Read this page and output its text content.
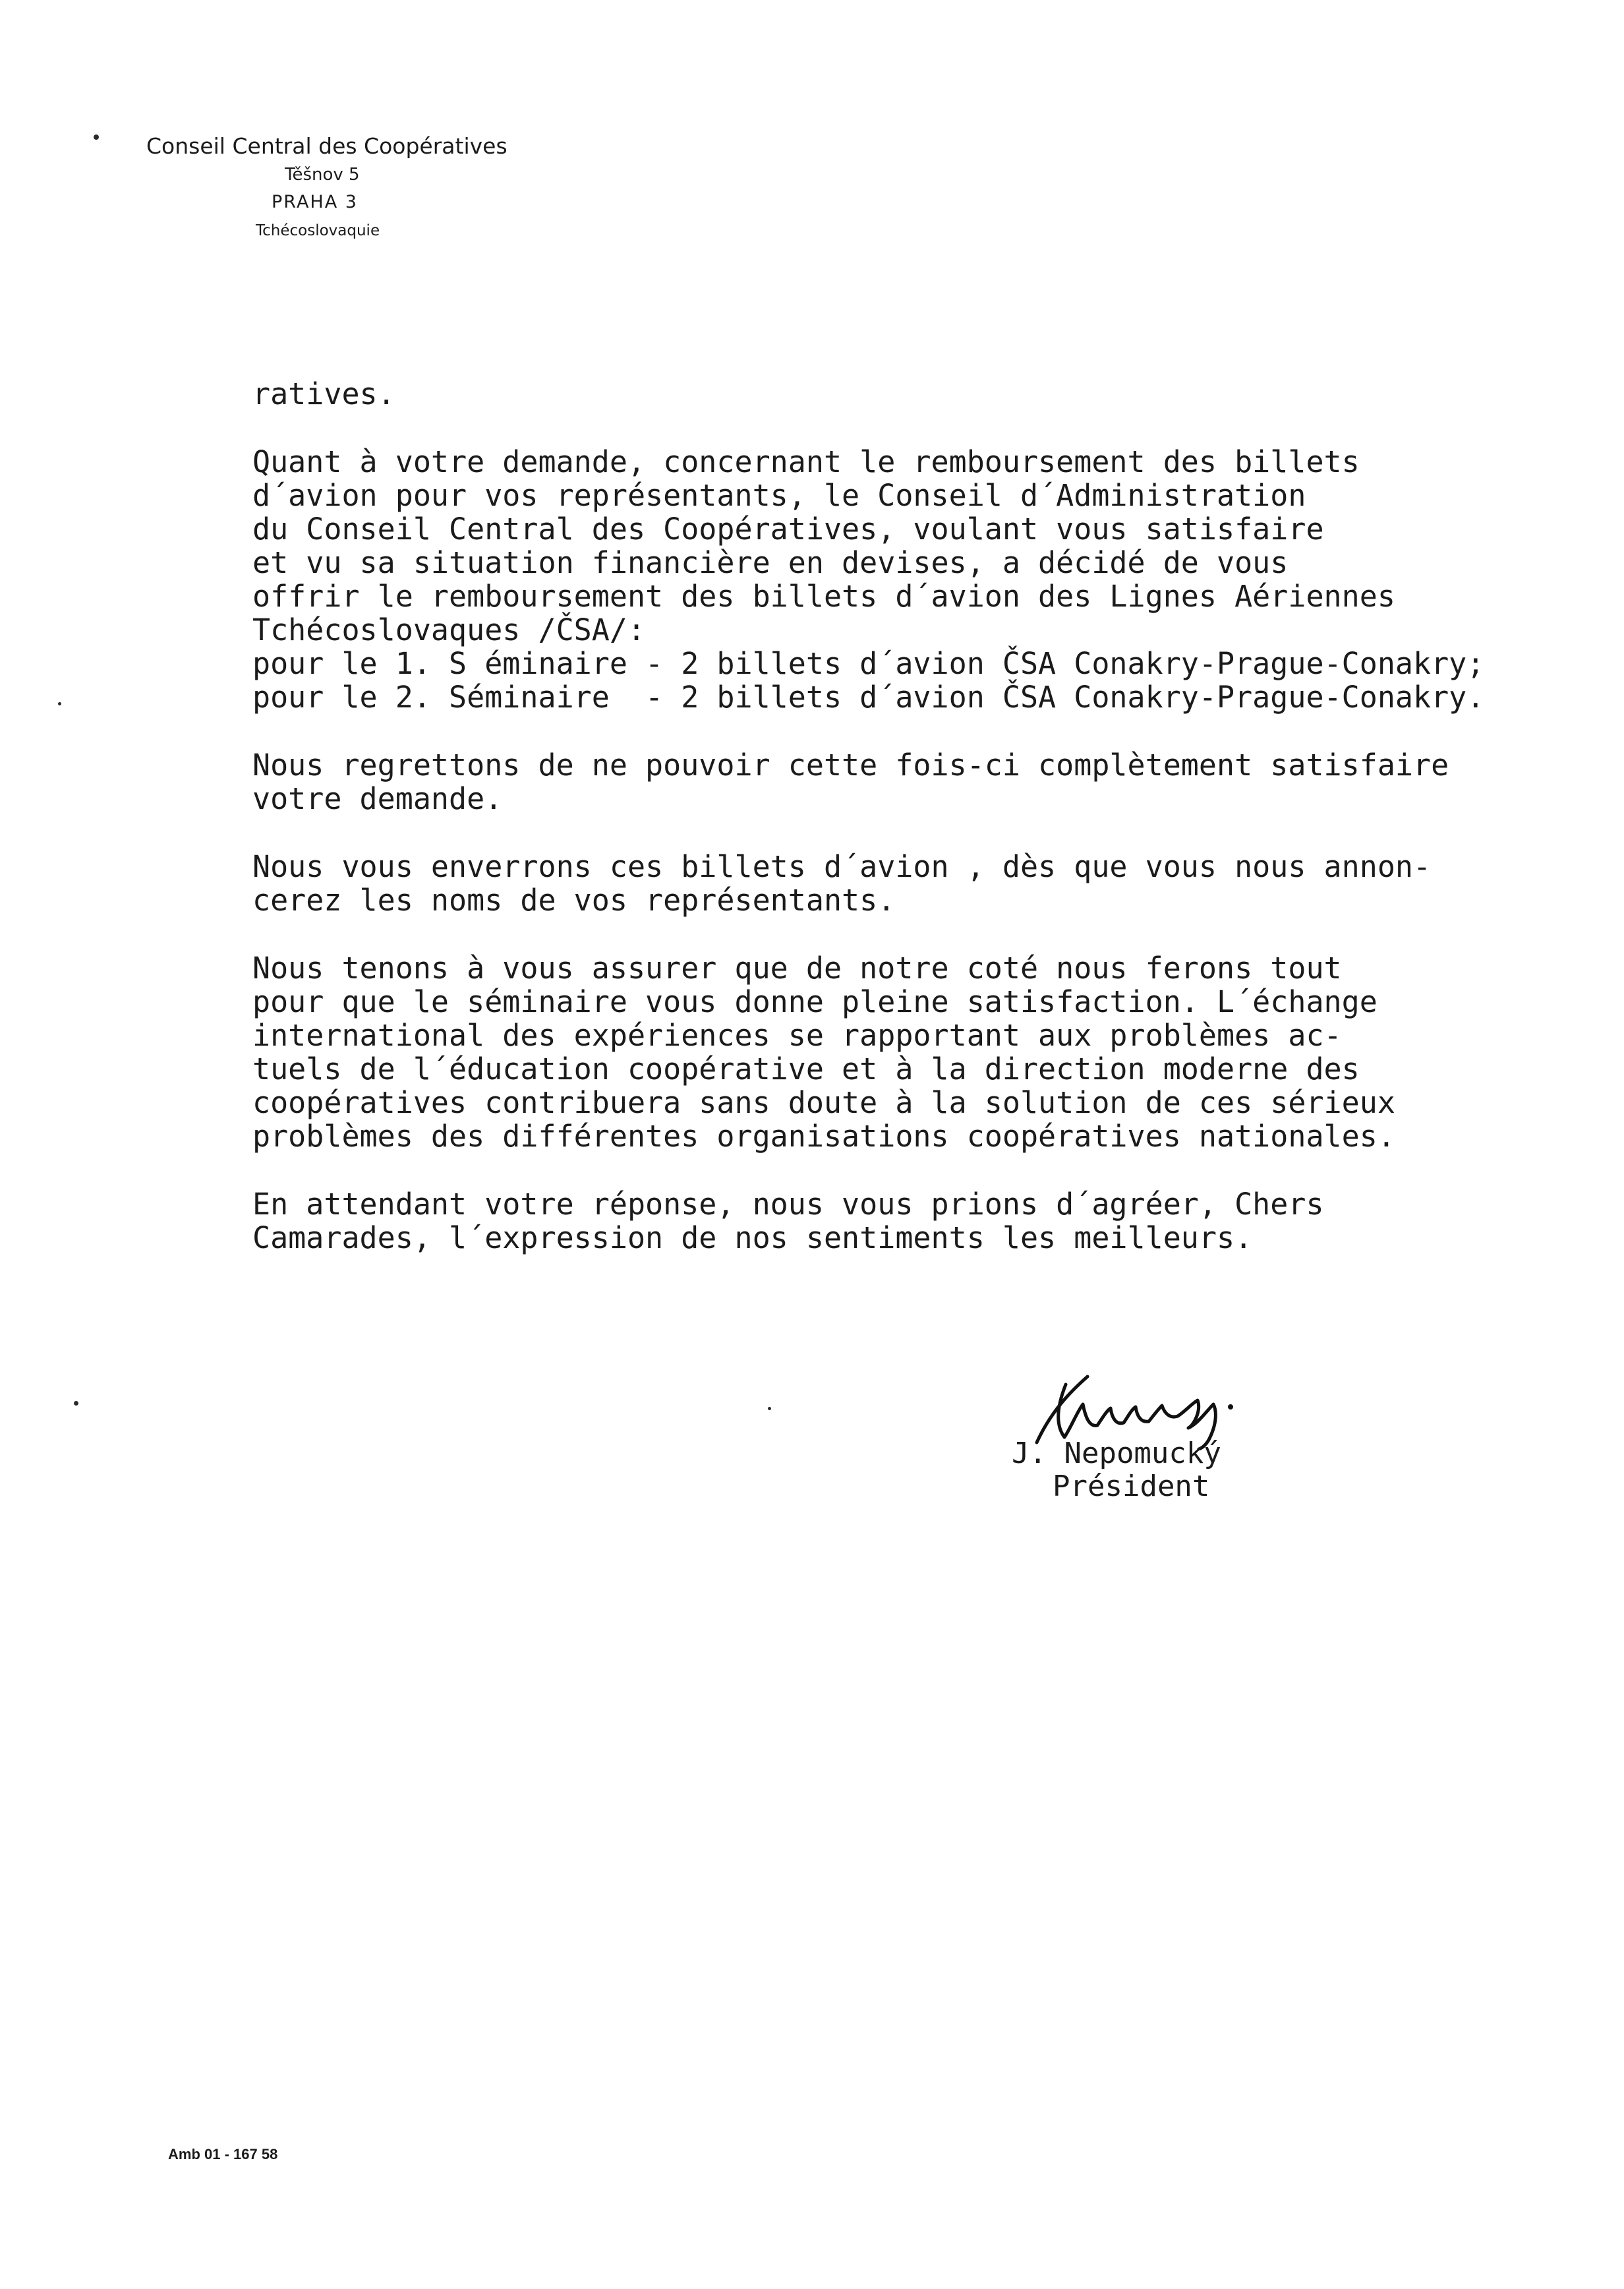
Conseil Central des Coopératives
Těšnov 5
PRAHA 3
Tchécoslovaquie
ratives.
Quant à votre demande, concernant le remboursement des billets
d´avion pour vos représentants, le Conseil d´Administration
du Conseil Central des Coopératives, voulant vous satisfaire
et vu sa situation financière en devises, a décidé de vous
offrir le remboursement des billets d´avion des Lignes Aériennes
Tchécoslovaques /ČSA/:
pour le 1. S éminaire - 2 billets d´avion ČSA Conakry-Prague-Conakry;
pour le 2. Séminaire  - 2 billets d´avion ČSA Conakry-Prague-Conakry.
Nous regrettons de ne pouvoir cette fois-ci complètement satisfaire
votre demande.
Nous vous enverrons ces billets d´avion , dès que vous nous annon-
cerez les noms de vos représentants.
Nous tenons à vous assurer que de notre coté nous ferons tout
pour que le séminaire vous donne pleine satisfaction. L´échange
international des expériences se rapportant aux problèmes ac-
tuels de l´éducation coopérative et à la direction moderne des
coopératives contribuera sans doute à la solution de ces sérieux
problèmes des différentes organisations coopératives nationales.
En attendant votre réponse, nous vous prions d´agréer, Chers
Camarades, l´expression de nos sentiments les meilleurs.
J. Nepomucký
Président
Amb 01 - 167 58
